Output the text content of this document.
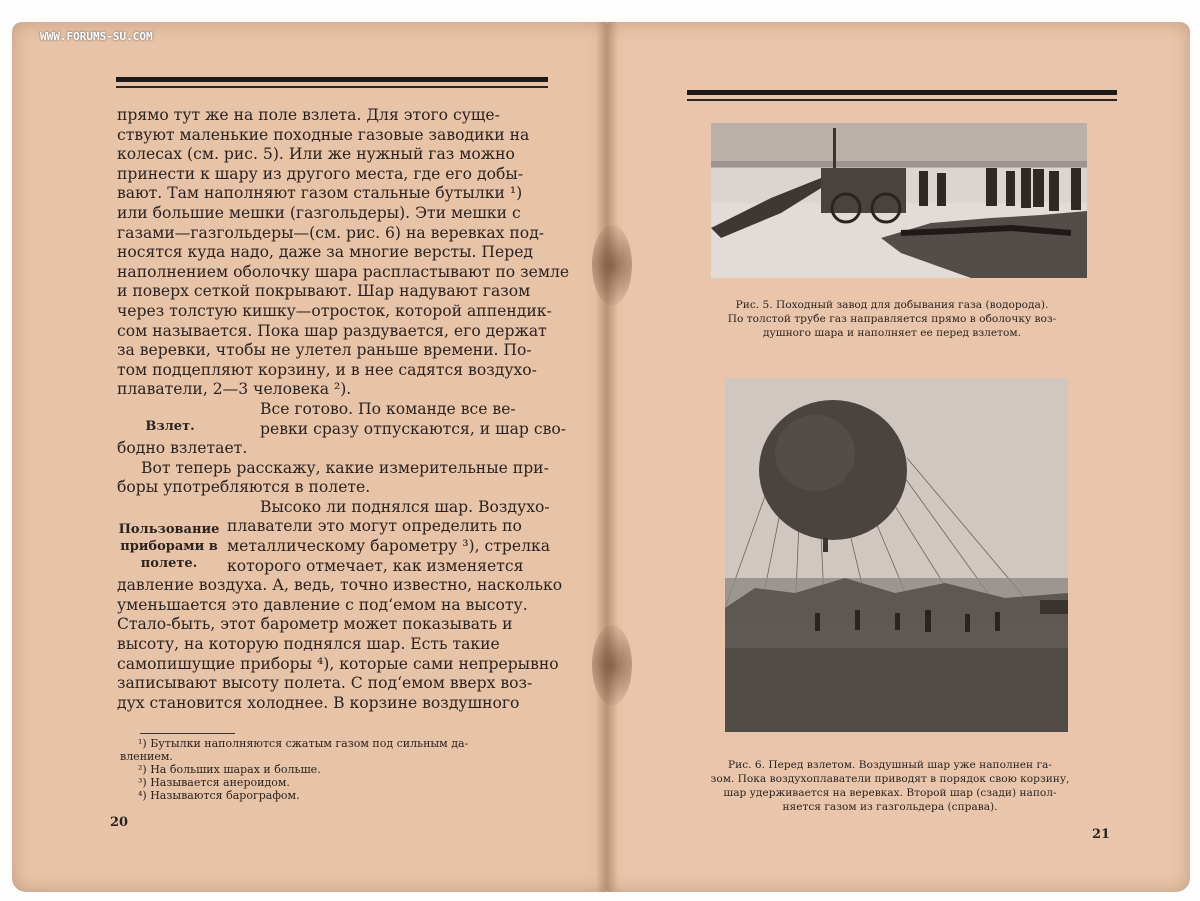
WWW.FORUMS-SU.COM
прямо тут же на поле взлета. Для этого суще-
ствуют маленькие походные газовые заводики на
колесах (см. рис. 5). Или же нужный газ можно
принести к шару из другого места, где его добы-
вают. Там наполняют газом стальные бутылки ¹)
или большие мешки (газгольдеры). Эти мешки с
газами—газгольдеры—(см. рис. 6) на веревках под-
носятся куда надо, даже за многие версты. Перед
наполнением оболочку шара распластывают по земле
и поверх сеткой покрывают. Шар надувают газом
через толстую кишку—отросток, которой аппендик-
сом называется. Пока шар раздувается, его держат
за веревки, чтобы не улетел раньше времени. По-
том подцепляют корзину, и в нее садятся воздухо-
плаватели, 2—3 человека ²).
Все готово. По команде все ве-
ревки сразу отпускаются, и шар сво-
бодно взлетает.
Вот теперь расскажу, какие измерительные при-
боры употребляются в полете.
Высоко ли поднялся шар. Воздухо-
плаватели это могут определить по
металлическому барометру ³), стрелка
которого отмечает, как изменяется
давление воздуха. А, ведь, точно известно, насколько
уменьшается это давление с под‘емом на высоту.
Стало-быть, этот барометр может показывать и
высоту, на которую поднялся шар. Есть такие
самопишущие приборы ⁴), которые сами непрерывно
записывают высоту полета. С под‘емом вверх воз-
дух становится холоднее. В корзине воздушного
Взлет.
Пользование
приборами в
полете.
¹) Бутылки наполняются сжатым газом под сильным да-
влением.
²) На больших шарах и больше.
³) Называется анероидом.
⁴) Называются барографом.
20
Рис. 5. Походный завод для добывания газа (водорода).
По толстой трубе газ направляется прямо в оболочку воз-
душного шара и наполняет ее перед взлетом.
Рис. 6. Перед взлетом. Воздушный шар уже наполнен га-
зом. Пока воздухоплаватели приводят в порядок свою корзину,
шар удерживается на веревках. Второй шар (сзади) напол-
няется газом из газгольдера (справа).
21
